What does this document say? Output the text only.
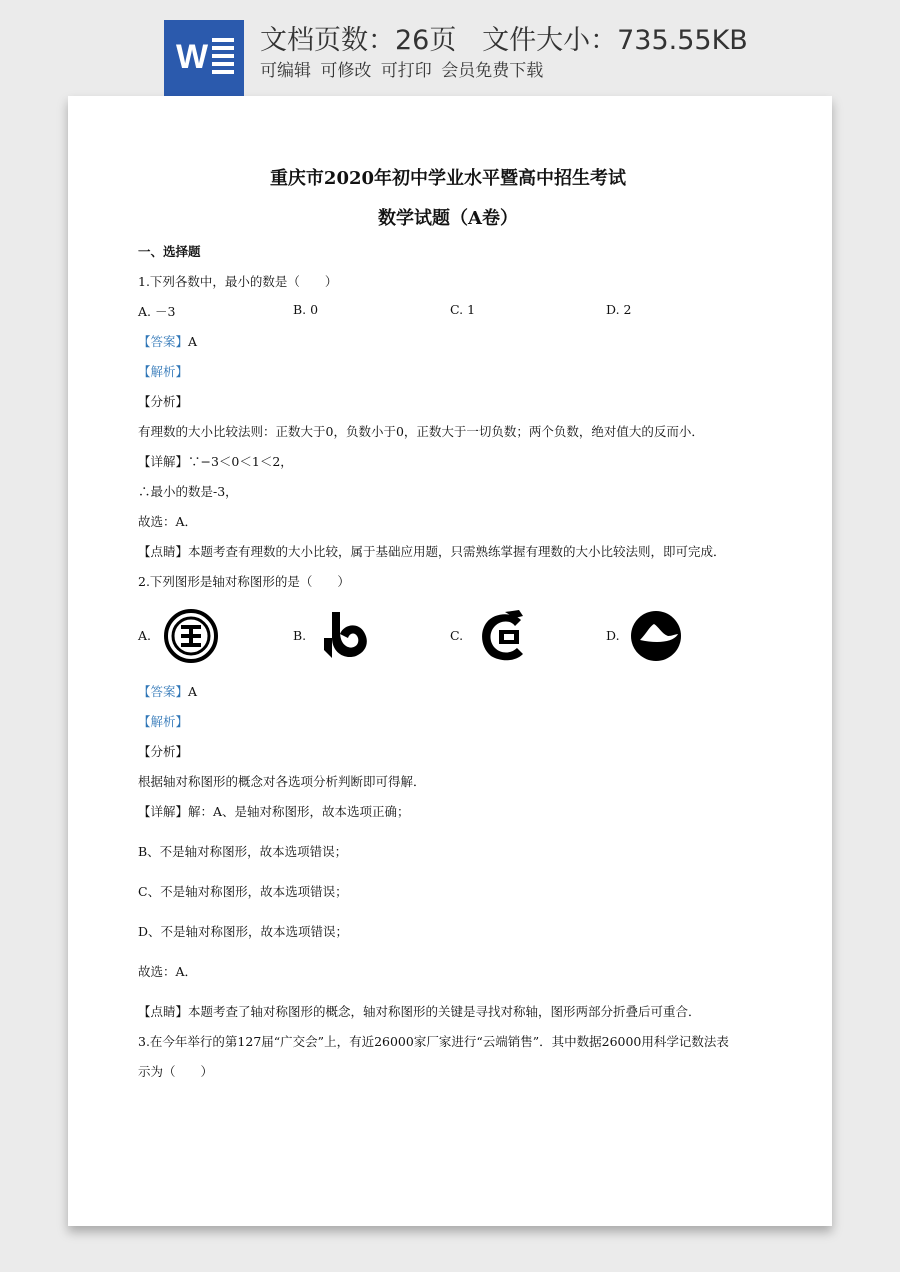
W 文档页数：26页   文件大小：735.55KB
可编辑 可修改 可打印 会员免费下载
重庆市2020年初中学业水平暨高中招生考试
数学试题（A卷）
一、选择题
1.下列各数中，最小的数是（　　）
A. －3	B. 0	C. 1	D. 2
【答案】A
【解析】
【分析】
有理数的大小比较法则：正数大于0，负数小于0，正数大于一切负数；两个负数，绝对值大的反而小．
【详解】∵−3＜0＜1＜2，
∴最小的数是-3，
故选：A．
【点睛】本题考查有理数的大小比较，属于基础应用题，只需熟练掌握有理数的大小比较法则，即可完成．
2.下列图形是轴对称图形的是（　　）
A.	B.	C.	D.
【答案】A
【解析】
【分析】
根据轴对称图形的概念对各选项分析判断即可得解．
【详解】解：A、是轴对称图形，故本选项正确；
B、不是轴对称图形，故本选项错误；
C、不是轴对称图形，故本选项错误；
D、不是轴对称图形，故本选项错误；
故选：A．
【点睛】本题考查了轴对称图形的概念，轴对称图形的关键是寻找对称轴，图形两部分折叠后可重合．
3.在今年举行的第127届“广交会”上，有近26000家厂家进行“云端销售”．其中数据26000用科学记数法表
示为（　　）
